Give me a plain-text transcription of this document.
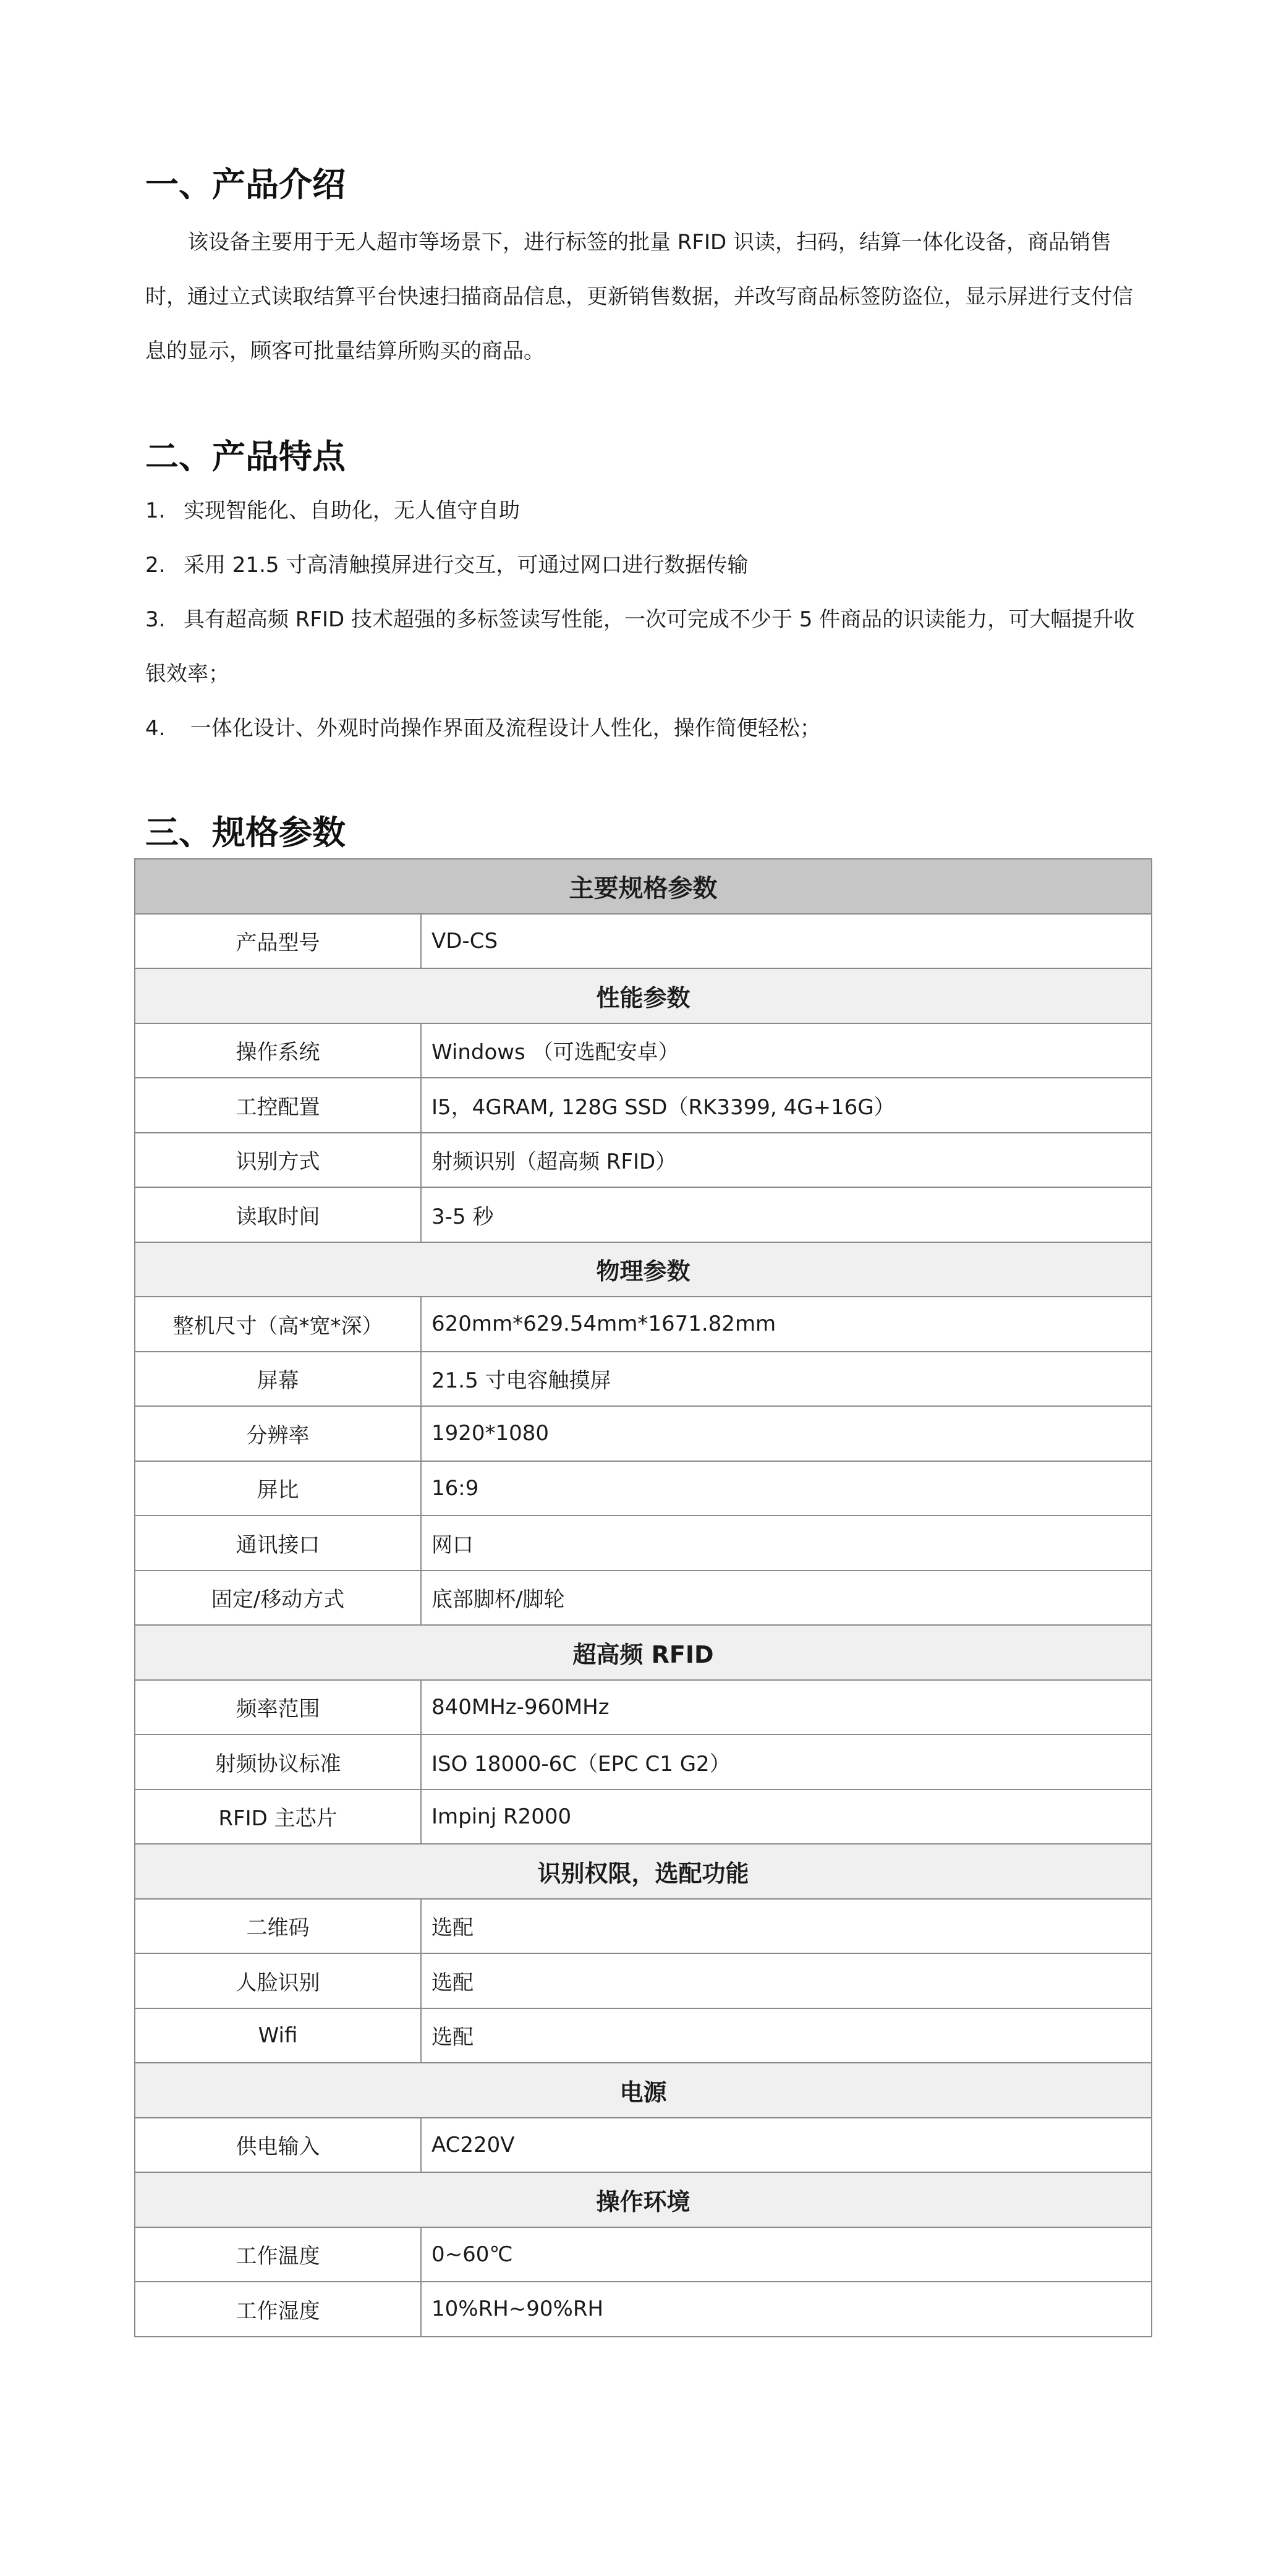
一、产品介绍

该设备主要用于无人超市等场景下，进行标签的批量 RFID 识读，扫码，结算一体化设备，商品销售时，通过立式读取结算平台快速扫描商品信息，更新销售数据，并改写商品标签防盗位，显示屏进行支付信息的显示，顾客可批量结算所购买的商品。

二、产品特点

1. 实现智能化、自助化，无人值守自助

2. 采用 21.5 寸高清触摸屏进行交互，可通过网口进行数据传输

3. 具有超高频 RFID 技术超强的多标签读写性能，一次可完成不少于 5 件商品的识读能力，可大幅提升收银效率；

4. 一体化设计、外观时尚操作界面及流程设计人性化，操作简便轻松；

三、规格参数
主要规格参数	
产品型号	VD-CS
性能参数	
操作系统	Windows （可选配安卓）
工控配置	I5，4GRAM, 128G SSD（RK3399, 4G+16G）
识别方式	射频识别（超高频 RFID）
读取时间	3-5 秒
物理参数	
整机尺寸（高*宽*深）	620mm*629.54mm*1671.82mm
屏幕	21.5 寸电容触摸屏
分辨率	1920*1080
屏比	16:9
通讯接口	网口
固定/移动方式	底部脚杯/脚轮
超高频 RFID	
频率范围	840MHz-960MHz
射频协议标准	ISO 18000-6C（EPC C1 G2）
RFID 主芯片	Impinj R2000
识别权限，选配功能	
二维码	选配
人脸识别	选配
Wifi	选配
电源	
供电输入	AC220V
操作环境	
工作温度	0~60℃
工作湿度	10%RH~90%RH
